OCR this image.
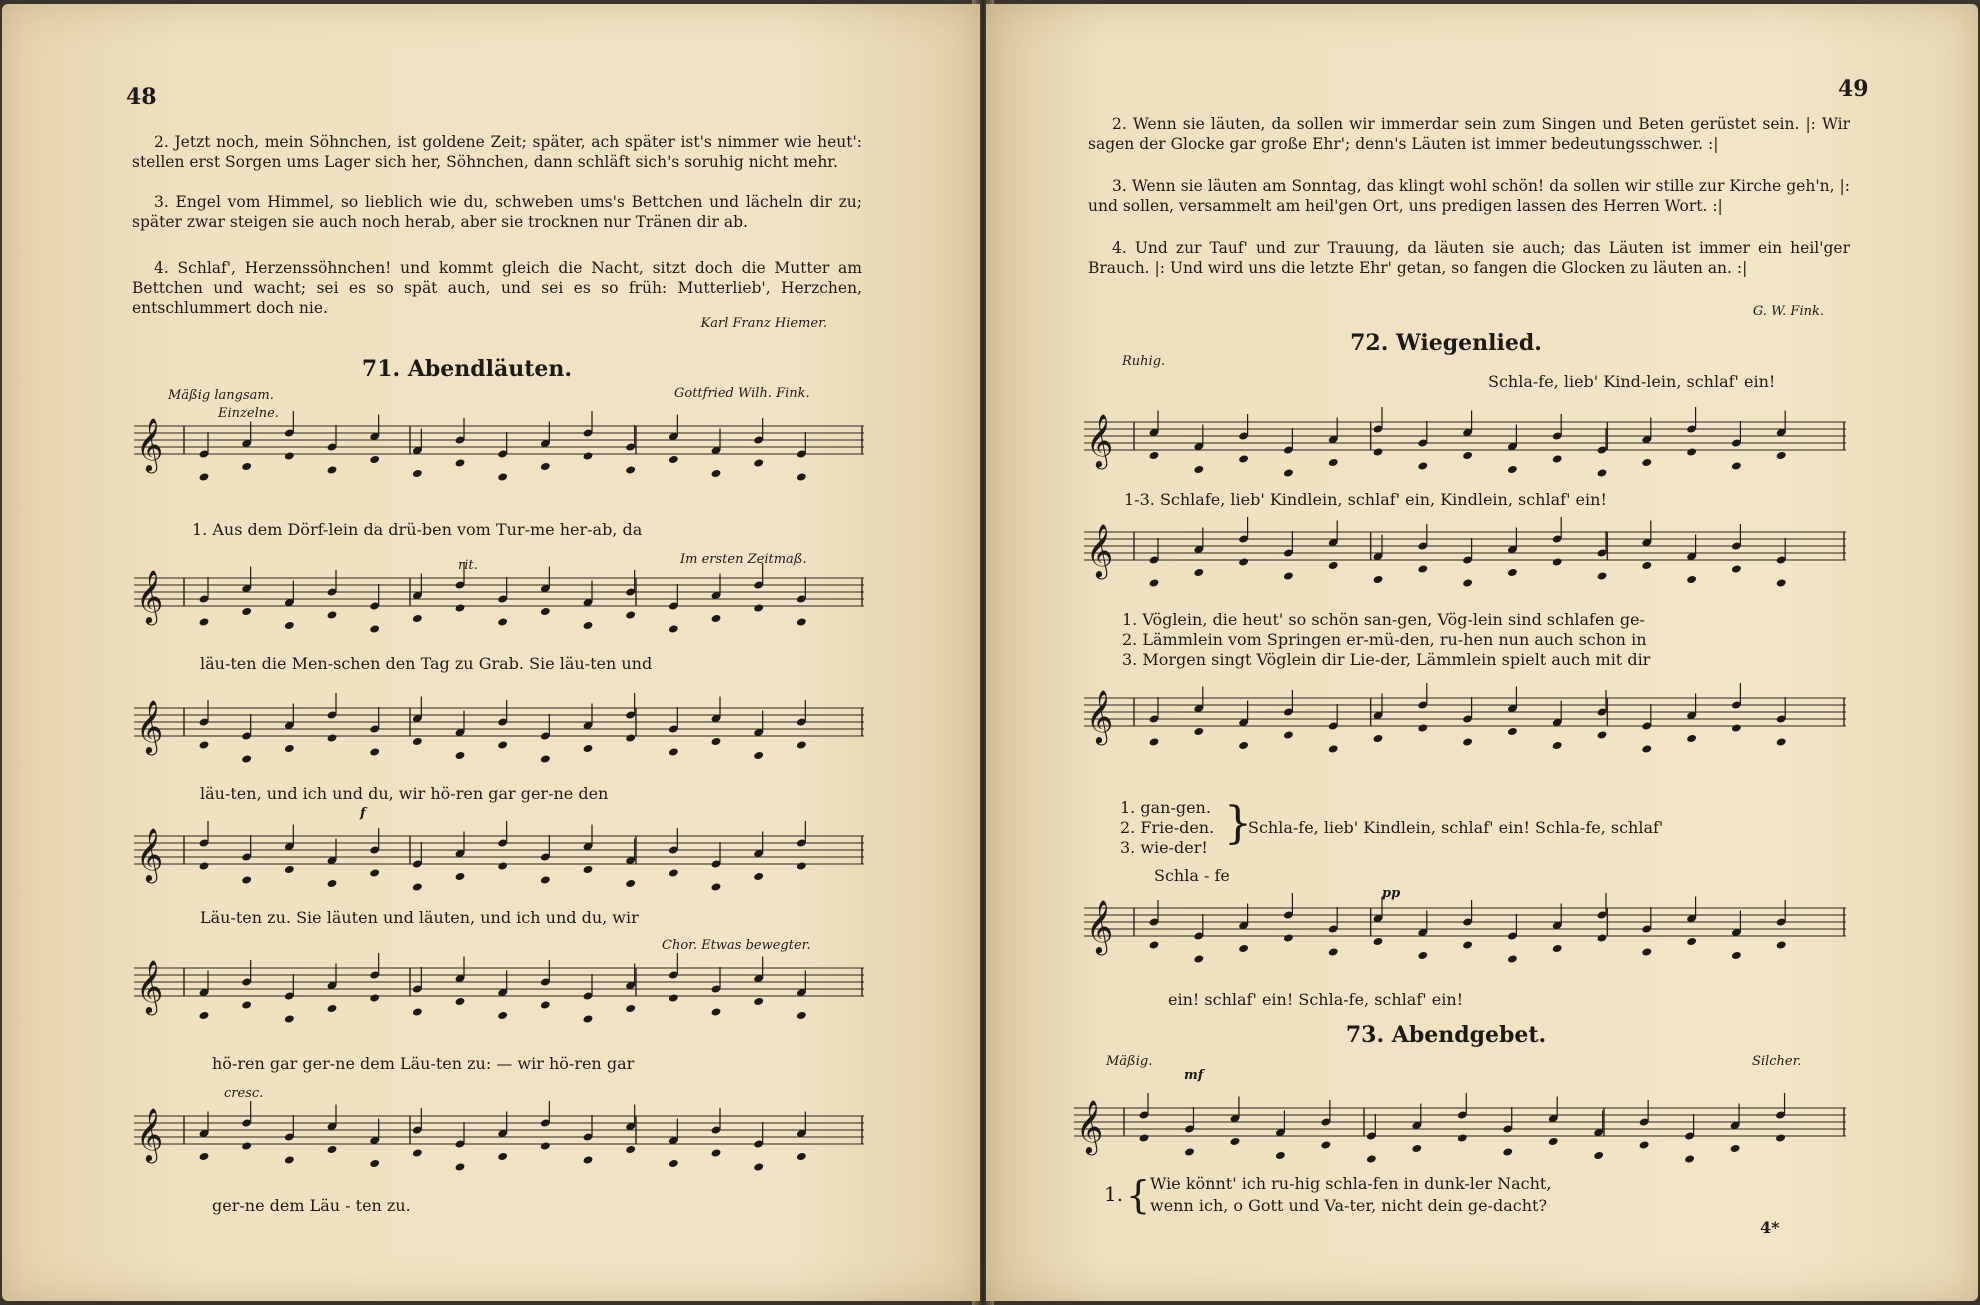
48
2. Jetzt noch, mein Söhnchen, ist goldene Zeit; später, ach später ist's nimmer wie heut': stellen erst Sorgen ums Lager sich her, Söhnchen, dann schläft sich's soruhig nicht mehr.
3. Engel vom Himmel, so lieblich wie du, schweben ums's Bettchen und lächeln dir zu; später zwar steigen sie auch noch herab, aber sie trocknen nur Tränen dir ab.
4. Schlaf', Herzenssöhnchen! und kommt gleich die Nacht, sitzt doch die Mutter am Bettchen und wacht; sei es so spät auch, und sei es so früh: Mutterlieb', Herzchen, entschlummert doch nie.
Karl Franz Hiemer.
71. Abendläuten.
Mäßig langsam.
Einzelne.
Gottfried Wilh. Fink.
𝄞
1. Aus dem Dörf-lein da drü-ben vom Tur-me her-ab, da
rit.	Im ersten Zeitmaß.
𝄞
läu-ten die Men-schen den Tag zu Grab. Sie läu-ten und
𝄞
läu-ten, und ich und du, wir hö-ren gar ger-ne den
f
𝄞
Läu-ten zu. Sie läuten und läuten, und ich und du, wir
Chor. Etwas bewegter.
𝄞
hö-ren gar ger-ne dem Läu-ten zu: — wir hö-ren gar
cresc.
𝄞
ger-ne dem Läu - ten zu.
49
2. Wenn sie läuten, da sollen wir immerdar sein zum Singen und Beten gerüstet sein. |: Wir sagen der Glocke gar große Ehr'; denn's Läuten ist immer bedeutungsschwer. :|
3. Wenn sie läuten am Sonntag, das klingt wohl schön! da sollen wir stille zur Kirche geh'n, |: und sollen, versammelt am heil'gen Ort, uns predigen lassen des Herren Wort. :|
4. Und zur Tauf' und zur Trauung, da läuten sie auch; das Läuten ist immer ein heil'ger Brauch. |: Und wird uns die letzte Ehr' getan, so fangen die Glocken zu läuten an. :|
G. W. Fink.
72. Wiegenlied.
Ruhig.
Schla-fe, lieb' Kind-lein, schlaf' ein!
𝄞
1-3. Schlafe, lieb' Kindlein, schlaf' ein, Kindlein, schlaf' ein!
𝄞
1. Vöglein, die heut' so schön san-gen, Vög-lein sind schlafen ge-
2. Lämmlein vom Springen er-mü-den, ru-hen nun auch schon in
3. Morgen singt Vöglein dir Lie-der, Lämmlein spielt auch mit dir
𝄞
1. gan-gen.
2. Frie-den.
3. wie-der! }
Schla-fe, lieb' Kindlein, schlaf' ein! Schla-fe, schlaf'
Schla - fe
pp
𝄞
ein! schlaf' ein! Schla-fe, schlaf' ein!
73. Abendgebet.
Mäßig.	Silcher.
mf
𝄞
1. { Wie könnt' ich ru-hig schla-fen in dunk-ler Nacht,
wenn ich, o Gott und Va-ter, nicht dein ge-dacht?
4*
